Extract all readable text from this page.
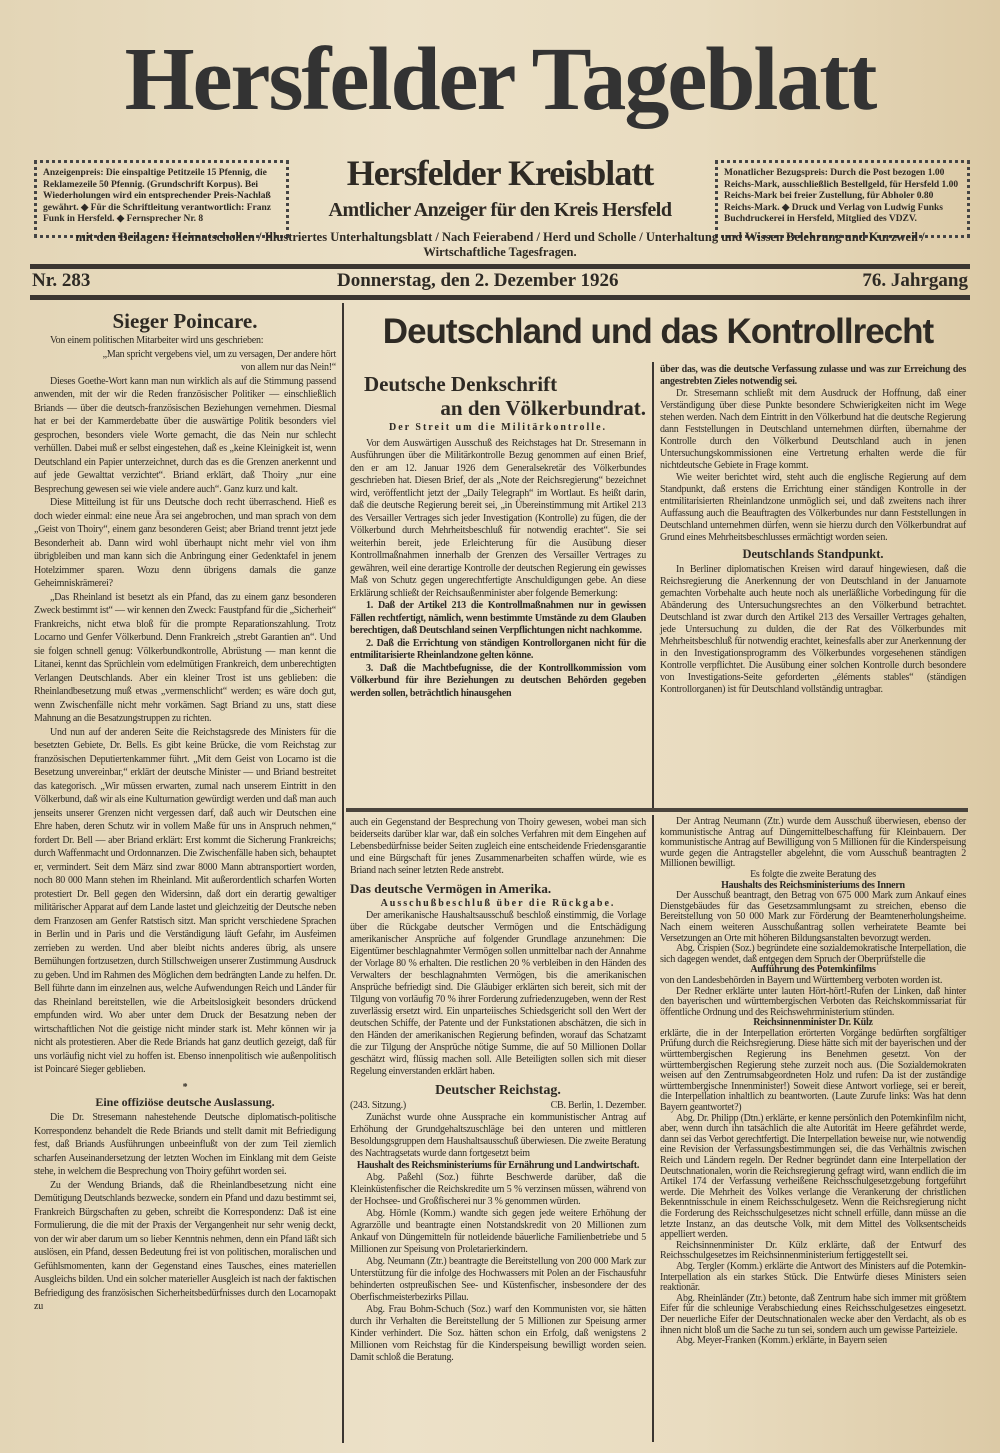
Hersfelder Tageblatt
Anzeigenpreis: Die einspaltige Petitzeile 15 Pfennig, die Reklamezeile 50 Pfennig. (Grundschrift Korpus). Bei Wiederholungen wird ein entsprechender Preis-Nachlaß gewährt. ◆ Für die Schriftleitung verantwortlich: Franz Funk in Hersfeld. ◆ Fernsprecher Nr. 8
Hersfelder Kreisblatt
Amtlicher Anzeiger für den Kreis Hersfeld
Monatlicher Bezugspreis: Durch die Post bezogen 1.00 Reichs-Mark, ausschließlich Bestellgeld, für Hersfeld 1.00 Reichs-Mark bei freier Zustellung, für Abholer 0.80 Reichs-Mark. ◆ Druck und Verlag von Ludwig Funks Buchdruckerei in Hersfeld, Mitglied des VDZV.
mit den Beilagen: Heimatschollen / Illustriertes Unterhaltungsblatt / Nach Feierabend / Herd und Scholle / Unterhaltung und Wissen Belehrung und Kurzweil / Wirtschaftliche Tagesfragen.
Nr. 283	Donnerstag, den 2. Dezember 1926	76. Jahrgang
Deutschland und das Kontrollrecht
Sieger Poincare.

Von einem politischen Mitarbeiter wird uns geschrieben:

„Man spricht vergebens viel, um zu versagen, Der andere hört von allem nur das Nein!“

Dieses Goethe-Wort kann man nun wirklich als auf die Stimmung passend anwenden, mit der wir die Reden französischer Politiker — einschließlich Briands — über die deutsch-französischen Beziehungen vernehmen. Diesmal hat er bei der Kammerdebatte über die auswärtige Politik besonders viel gesprochen, besonders viele Worte gemacht, die das Nein nur schlecht verhüllen. Dabei muß er selbst eingestehen, daß es „keine Kleinigkeit ist, wenn Deutschland ein Papier unterzeichnet, durch das es die Grenzen anerkennt und auf jede Gewalttat verzichtet“. Briand erklärt, daß Thoiry „nur eine Besprechung gewesen sei wie viele andere auch“. Ganz kurz und kalt.

Diese Mitteilung ist für uns Deutsche doch recht überraschend. Hieß es doch wieder einmal: eine neue Ära sei angebrochen, und man sprach von dem „Geist von Thoiry“, einem ganz besonderen Geist; aber Briand trennt jetzt jede Besonderheit ab. Dann wird wohl überhaupt nicht mehr viel von ihm übrigbleiben und man kann sich die Anbringung einer Gedenktafel in jenem Hotelzimmer sparen. Wozu denn übrigens damals die ganze Geheimniskrämerei?

„Das Rheinland ist besetzt als ein Pfand, das zu einem ganz besonderen Zweck bestimmt ist“ — wir kennen den Zweck: Faustpfand für die „Sicherheit“ Frankreichs, nicht etwa bloß für die prompte Reparationszahlung. Trotz Locarno und Genfer Völkerbund. Denn Frankreich „strebt Garantien an“. Und sie folgen schnell genug: Völkerbundkontrolle, Abrüstung — man kennt die Litanei, kennt das Sprüchlein vom edelmütigen Frankreich, dem unberechtigten Verlangen Deutschlands. Aber ein kleiner Trost ist uns geblieben: die Rheinlandbesetzung muß etwas „vermenschlicht“ werden; es wäre doch gut, wenn Zwischenfälle nicht mehr vorkämen. Sagt Briand zu uns, statt diese Mahnung an die Besatzungstruppen zu richten.

Und nun auf der anderen Seite die Reichstagsrede des Ministers für die besetzten Gebiete, Dr. Bells. Es gibt keine Brücke, die vom Reichstag zur französischen Deputiertenkammer führt. „Mit dem Geist von Locarno ist die Besetzung unvereinbar,“ erklärt der deutsche Minister — und Briand bestreitet das kategorisch. „Wir müssen erwarten, zumal nach unserem Eintritt in den Völkerbund, daß wir als eine Kulturnation gewürdigt werden und daß man auch jenseits unserer Grenzen nicht vergessen darf, daß auch wir Deutschen eine Ehre haben, deren Schutz wir in vollem Maße für uns in Anspruch nehmen,“ fordert Dr. Bell — aber Briand erklärt: Erst kommt die Sicherung Frankreichs; durch Waffenmacht und Ordonnanzen. Die Zwischenfälle haben sich, behauptet er, vermindert. Seit dem März sind zwar 8000 Mann abtransportiert worden, noch 80 000 Mann stehen im Rheinland. Mit außerordentlich scharfen Worten protestiert Dr. Bell gegen den Widersinn, daß dort ein derartig gewaltiger militärischer Apparat auf dem Lande lastet und gleichzeitig der Deutsche neben dem Franzosen am Genfer Ratstisch sitzt. Man spricht verschiedene Sprachen in Berlin und in Paris und die Verständigung läuft Gefahr, im Ausfeimen zerrieben zu werden. Und aber bleibt nichts anderes übrig, als unsere Bemühungen fortzusetzen, durch Stillschweigen unserer Zustimmung Ausdruck zu geben. Und im Rahmen des Möglichen dem bedrängten Lande zu helfen. Dr. Bell führte dann im einzelnen aus, welche Aufwendungen Reich und Länder für das Rheinland bereitstellen, wie die Arbeitslosigkeit besonders drückend empfunden wird. Wo aber unter dem Druck der Besatzung neben der wirtschaftlichen Not die geistige nicht minder stark ist. Mehr können wir ja nicht als protestieren. Aber die Rede Briands hat ganz deutlich gezeigt, daß für uns vorläufig nicht viel zu hoffen ist. Ebenso innenpolitisch wie außenpolitisch ist Poincaré Sieger geblieben.

*
Eine offiziöse deutsche Auslassung.

Die Dr. Stresemann nahestehende Deutsche diplomatisch-politische Korrespondenz behandelt die Rede Briands und stellt damit mit Befriedigung fest, daß Briands Ausführungen unbeeinflußt von der zum Teil ziemlich scharfen Auseinandersetzung der letzten Wochen im Einklang mit dem Geiste stehe, in welchem die Besprechung von Thoiry geführt worden sei.

Zu der Wendung Briands, daß die Rheinlandbesetzung nicht eine Demütigung Deutschlands bezwecke, sondern ein Pfand und dazu bestimmt sei, Frankreich Bürgschaften zu geben, schreibt die Korrespondenz: Daß ist eine Formulierung, die die mit der Praxis der Vergangenheit nur sehr wenig deckt, von der wir aber darum um so lieber Kenntnis nehmen, denn ein Pfand läßt sich auslösen, ein Pfand, dessen Bedeutung frei ist von politischen, moralischen und Gefühlsmomenten, kann der Gegenstand eines Tausches, eines materiellen Ausgleichs bilden. Und ein solcher materieller Ausgleich ist nach der faktischen Befriedigung des französischen Sicherheitsbedürfnisses durch den Locarnopakt zu

Deutsche Denkschrift
an den Völkerbundrat.
Der Streit um die Militärkontrolle.

Vor dem Auswärtigen Ausschuß des Reichstages hat Dr. Stresemann in Ausführungen über die Militärkontrolle Bezug genommen auf einen Brief, den er am 12. Januar 1926 dem Generalsekretär des Völkerbundes geschrieben hat. Diesen Brief, der als „Note der Reichsregierung“ bezeichnet wird, veröffentlicht jetzt der „Daily Telegraph“ im Wortlaut. Es heißt darin, daß die deutsche Regierung bereit sei, „in Übereinstimmung mit Artikel 213 des Versailler Vertrages sich jeder Investigation (Kontrolle) zu fügen, die der Völkerbund durch Mehrheitsbeschluß für notwendig erachtet“. Sie sei weiterhin bereit, jede Erleichterung für die Ausübung dieser Kontrollmaßnahmen innerhalb der Grenzen des Versailler Vertrages zu gewähren, weil eine derartige Kontrolle der deutschen Regierung ein gewisses Maß von Schutz gegen ungerechtfertigte Anschuldigungen gebe. An diese Erklärung schließt der Reichsaußenminister aber folgende Bemerkung:

1. Daß der Artikel 213 die Kontrollmaßnahmen nur in gewissen Fällen rechtfertigt, nämlich, wenn bestimmte Umstände zu dem Glauben berechtigen, daß Deutschland seinen Verpflichtungen nicht nachkomme.

2. Daß die Errichtung von ständigen Kontrollorganen nicht für die entmilitarisierte Rheinlandzone gelten könne.

3. Daß die Machtbefugnisse, die der Kontrollkommission vom Völkerbund für ihre Beziehungen zu deutschen Behörden gegeben werden sollen, beträchtlich hinausgehen

auch ein Gegenstand der Besprechung von Thoiry gewesen, wobei man sich beiderseits darüber klar war, daß ein solches Verfahren mit dem Eingehen auf Lebensbedürfnisse beider Seiten zugleich eine entscheidende Friedensgarantie und eine Bürgschaft für jenes Zusammenarbeiten schaffen würde, wie es Briand nach seiner letzten Rede anstrebt.

Das deutsche Vermögen in Amerika.
Ausschußbeschluß über die Rückgabe.

Der amerikanische Haushaltsausschuß beschloß einstimmig, die Vorlage über die Rückgabe deutscher Vermögen und die Entschädigung amerikanischer Ansprüche auf folgender Grundlage anzunehmen: Die Eigentümer beschlagnahmter Vermögen sollen unmittelbar nach der Annahme der Vorlage 80 % erhalten. Die restlichen 20 % verbleiben in den Händen des Verwalters der beschlagnahmten Vermögen, bis die amerikanischen Ansprüche befriedigt sind. Die Gläubiger erklärten sich bereit, sich mit der Tilgung von vorläufig 70 % ihrer Forderung zufriedenzugeben, wenn der Rest zuverlässig ersetzt wird. Ein unparteiisches Schiedsgericht soll den Wert der deutschen Schiffe, der Patente und der Funkstationen abschätzen, die sich in den Händen der amerikanischen Regierung befinden, worauf das Schatzamt die zur Tilgung der Ansprüche nötige Summe, die auf 50 Millionen Dollar geschätzt wird, flüssig machen soll. Alle Beteiligten sollen sich mit dieser Regelung einverstanden erklärt haben.

Deutscher Reichstag.
(243. Sitzung.)	CB. Berlin, 1. Dezember.

Zunächst wurde ohne Aussprache ein kommunistischer Antrag auf Erhöhung der Grundgehaltszuschläge bei den unteren und mittleren Besoldungsgruppen dem Haushaltsausschuß überwiesen. Die zweite Beratung des Nachtragsetats wurde dann fortgesetzt beim

Haushalt des Reichsministeriums für Ernährung und Landwirtschaft.

Abg. Paßehl (Soz.) führte Beschwerde darüber, daß die Kleinküstenfischer die Reichskredite um 5 % verzinsen müssen, während von der Hochsee- und Großfischerei nur 3 % genommen würden.

Abg. Hörnle (Komm.) wandte sich gegen jede weitere Erhöhung der Agrarzölle und beantragte einen Notstandskredit von 20 Millionen zum Ankauf von Düngemitteln für notleidende bäuerliche Familienbetriebe und 5 Millionen zur Speisung von Proletarierkindern.

Abg. Neumann (Ztr.) beantragte die Bereitstellung von 200 000 Mark zur Unterstützung für die infolge des Hochwassers mit Polen an der Fischausfuhr behinderten ostpreußischen See- und Küstenfischer, insbesondere der des Oberfischmeisterbezirks Pillau.

Abg. Frau Bohm-Schuch (Soz.) warf den Kommunisten vor, sie hätten durch ihr Verhalten die Bereitstellung der 5 Millionen zur Speisung armer Kinder verhindert. Die Soz. hätten schon ein Erfolg, daß wenigstens 2 Millionen vom Reichstag für die Kinderspeisung bewilligt worden seien. Damit schloß die Beratung.

über das, was die deutsche Verfassung zulasse und was zur Erreichung des angestrebten Zieles notwendig sei.

Dr. Stresemann schließt mit dem Ausdruck der Hoffnung, daß einer Verständigung über diese Punkte besondere Schwierigkeiten nicht im Wege stehen werden. Nach dem Eintritt in den Völkerbund hat die deutsche Regierung dann Feststellungen in Deutschland unternehmen dürften, übernahme der Kontrolle durch den Völkerbund Deutschland auch in jenen Untersuchungskommissionen eine Vertretung erhalten werde die für nichtdeutsche Gebiete in Frage kommt.

Wie weiter berichtet wird, steht auch die englische Regierung auf dem Standpunkt, daß erstens die Errichtung einer ständigen Kontrolle in der entmilitarisierten Rheinlandzone unmöglich sei, und daß zweitens nach ihrer Auffassung auch die Beauftragten des Völkerbundes nur dann Feststellungen in Deutschland unternehmen dürfen, wenn sie hierzu durch den Völkerbundrat auf Grund eines Mehrheitsbeschlusses ermächtigt worden seien.

Deutschlands Standpunkt.

In Berliner diplomatischen Kreisen wird darauf hingewiesen, daß die Reichsregierung die Anerkennung der von Deutschland in der Januarnote gemachten Vorbehalte auch heute noch als unerläßliche Vorbedingung für die Abänderung des Untersuchungsrechtes an den Völkerbund betrachtet. Deutschland ist zwar durch den Artikel 213 des Versailler Vertrages gehalten, jede Untersuchung zu dulden, die der Rat des Völkerbundes mit Mehrheitsbeschluß für notwendig erachtet, keinesfalls aber zur Anerkennung der in den Investigationsprogramm des Völkerbundes vorgesehenen ständigen Kontrolle verpflichtet. Die Ausübung einer solchen Kontrolle durch besondere von Investigations-Seite geforderten „éléments stables“ (ständigen Kontrollorganen) ist für Deutschland vollständig untragbar.

Der Antrag Neumann (Ztr.) wurde dem Ausschuß überwiesen, ebenso der kommunistische Antrag auf Düngemittelbeschaffung für Kleinbauern. Der kommunistische Antrag auf Bewilligung von 5 Millionen für die Kinderspeisung wurde gegen die Antragsteller abgelehnt, die vom Ausschuß beantragten 2 Millionen bewilligt.

Es folgte die zweite Beratung des

Haushalts des Reichsministeriums des Innern

Der Ausschuß beantragt, den Betrag von 675 000 Mark zum Ankauf eines Dienstgebäudes für das Gesetzsammlungsamt zu streichen, ebenso die Bereitstellung von 50 000 Mark zur Förderung der Beamtenerholungsheime. Nach einem weiteren Ausschußantrag sollen verheiratete Beamte bei Versetzungen an Orte mit höheren Bildungsanstalten bevorzugt werden.

Abg. Crispien (Soz.) begründete eine sozialdemokratische Interpellation, die sich dagegen wendet, daß entgegen dem Spruch der Oberprüfstelle die

Aufführung des Potemkinfilms

von den Landesbehörden in Bayern und Württemberg verboten worden ist.

Der Redner erklärte unter lauten Hört-hört!-Rufen der Linken, daß hinter den bayerischen und württembergischen Verboten das Reichskommissariat für öffentliche Ordnung und des Reichswehrministerium stünden.

Reichsinnenminister Dr. Külz

erklärte, die in der Interpellation erörterten Vorgänge bedürften sorgfältiger Prüfung durch die Reichsregierung. Diese hätte sich mit der bayerischen und der württembergischen Regierung ins Benehmen gesetzt. Von der württembergischen Regierung stehe zurzeit noch aus. (Die Sozialdemokraten weisen auf den Zentrumsabgeordneten Holz und rufen: Da ist der zuständige württembergische Innenminister!) Soweit diese Antwort vorliege, sei er bereit, die Interpellation inhaltlich zu beantworten. (Laute Zurufe links: Was hat denn Bayern geantwortet?)

Abg. Dr. Philipp (Dtn.) erklärte, er kenne persönlich den Potemkinfilm nicht, aber, wenn durch ihn tatsächlich die alte Autorität im Heere gefährdet werde, dann sei das Verbot gerechtfertigt. Die Interpellation beweise nur, wie notwendig eine Revision der Verfassungsbestimmungen sei, die das Verhältnis zwischen Reich und Ländern regeln. Der Redner begründet dann eine Interpellation der Deutschnationalen, worin die Reichsregierung gefragt wird, wann endlich die im Artikel 174 der Verfassung verheißene Reichsschulgesetzgebung fortgeführt werde. Die Mehrheit des Volkes verlange die Verankerung der christlichen Bekenntnisschule in einem Reichsschulgesetz. Wenn die Reichsregierung nicht die Forderung des Reichsschulgesetzes nicht schnell erfülle, dann müsse an die letzte Instanz, an das deutsche Volk, mit dem Mittel des Volksentscheids appelliert werden.

Reichsinnenminister Dr. Külz erklärte, daß der Entwurf des Reichsschulgesetzes im Reichsinnenministerium fertiggestellt sei.

Abg. Tergler (Komm.) erklärte die Antwort des Ministers auf die Potemkin-Interpellation als ein starkes Stück. Die Entwürfe dieses Ministers seien reaktionär.

Abg. Rheinländer (Ztr.) betonte, daß Zentrum habe sich immer mit größtem Eifer für die schleunige Verabschiedung eines Reichsschulgesetzes eingesetzt. Der neuerliche Eifer der Deutschnationalen wecke aber den Verdacht, als ob es ihnen nicht bloß um die Sache zu tun sei, sondern auch um gewisse Parteiziele.

Abg. Meyer-Franken (Komm.) erklärte, in Bayern seien
